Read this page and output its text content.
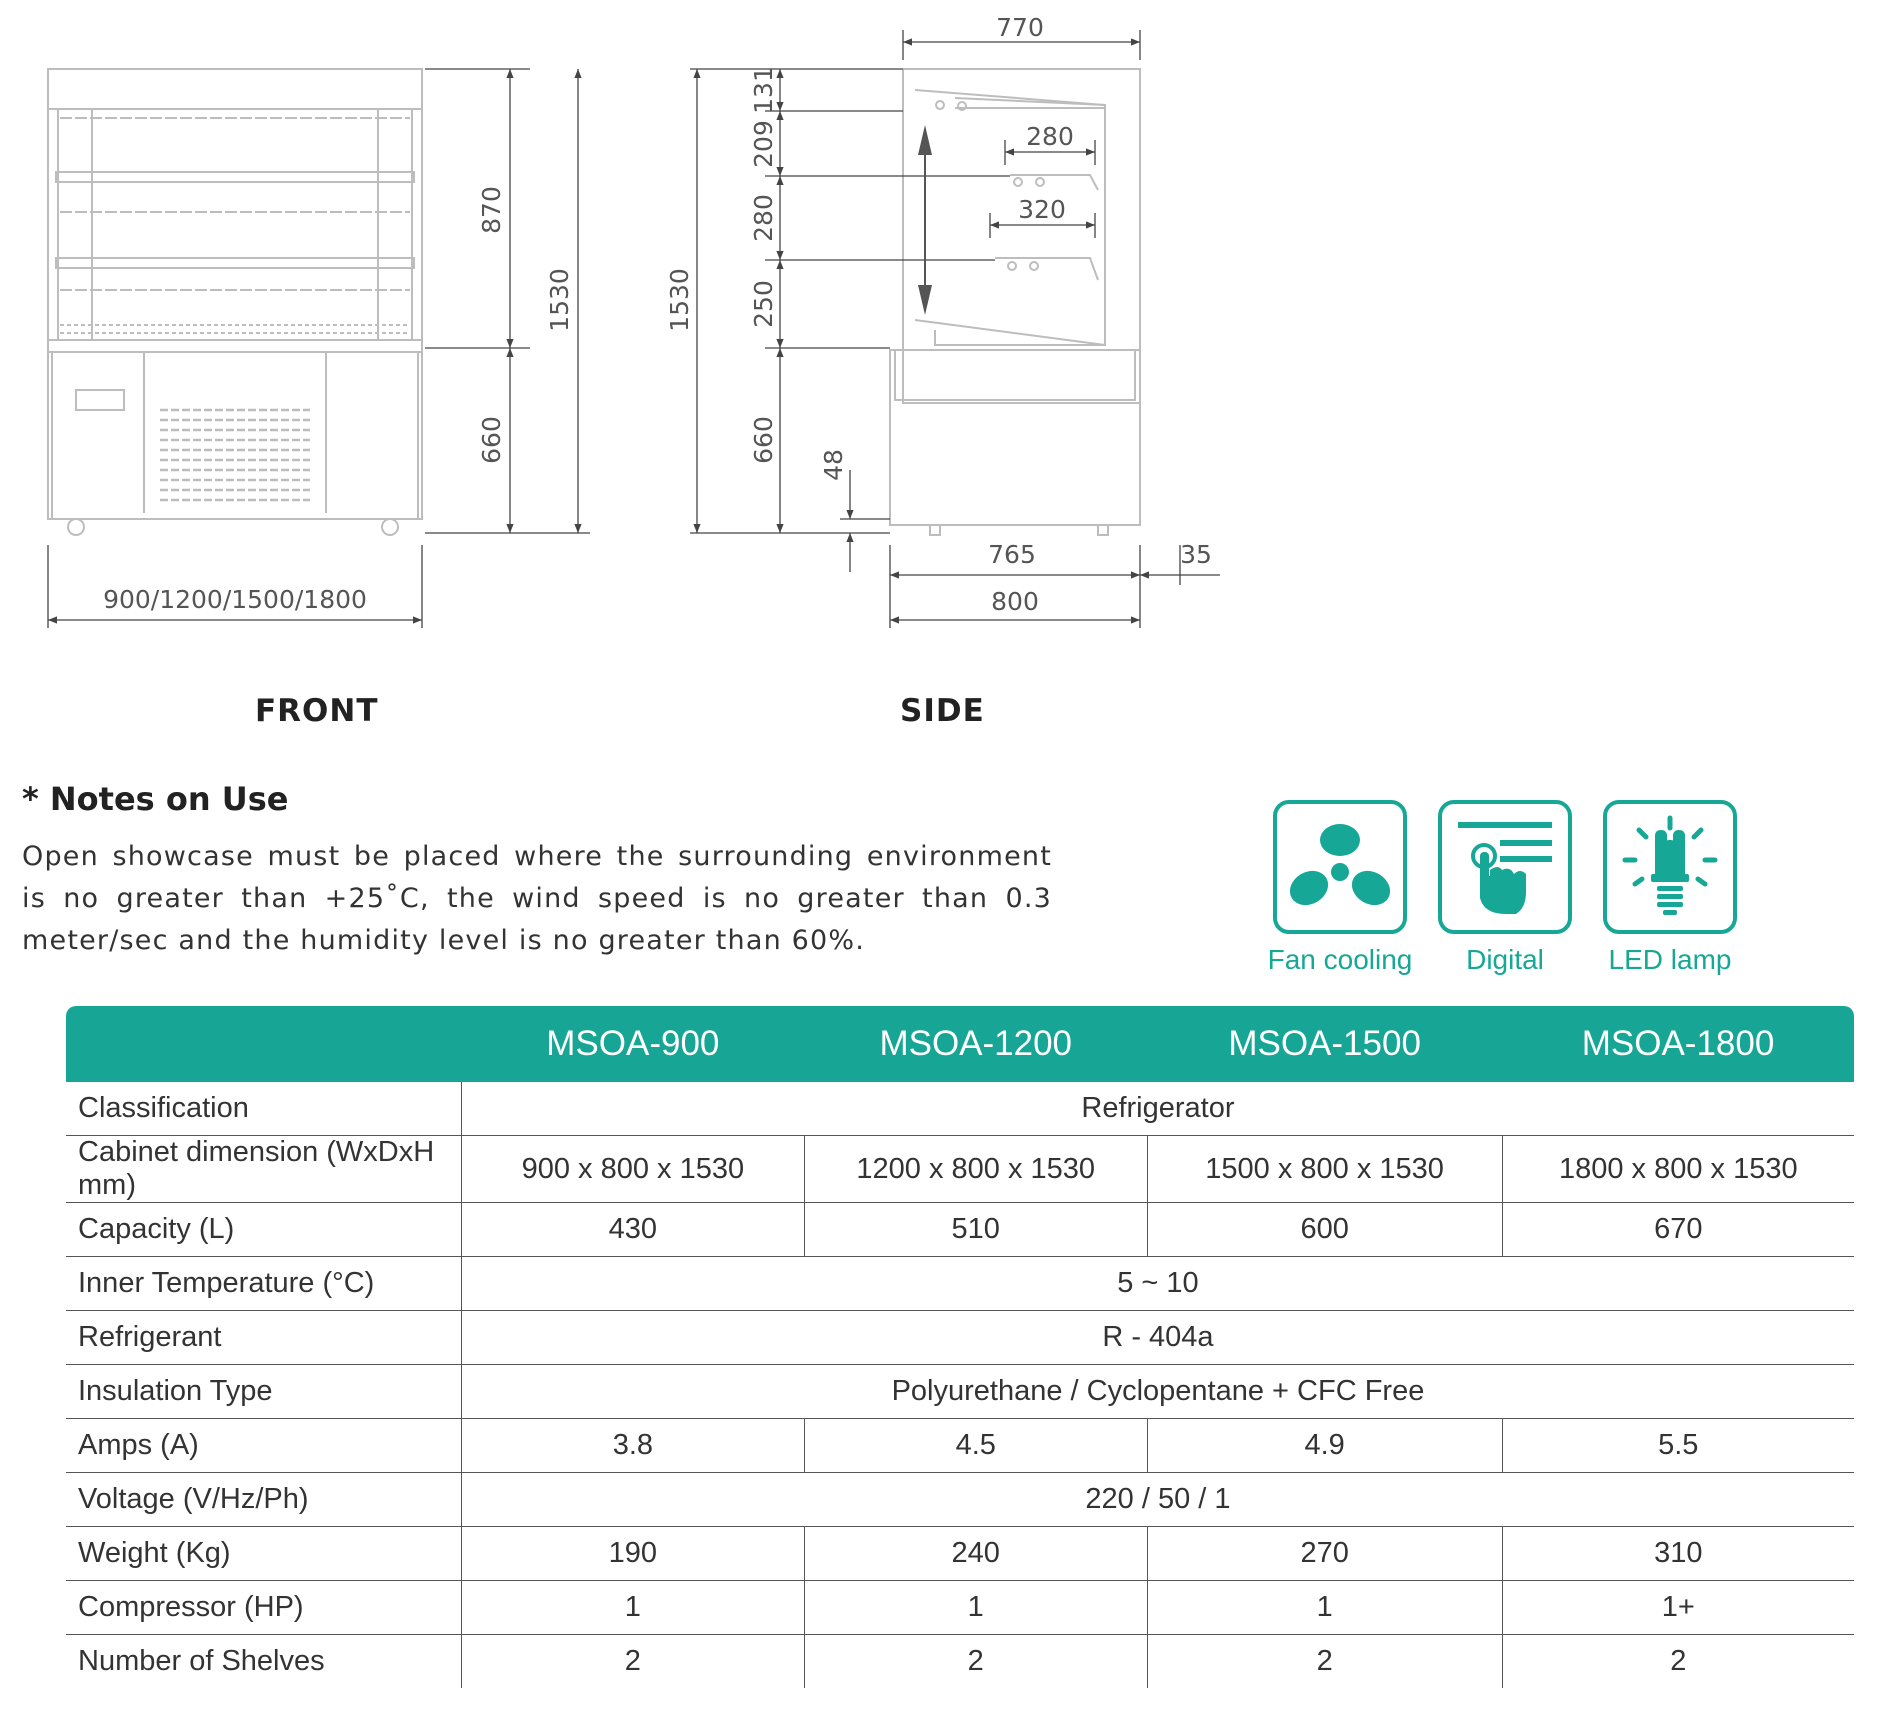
870
660
1530
900/1200/1500/1800
770
131
209
280
250
660
1530
280
320
48
765	35
800
FRONT	SIDE
* Notes on Use
Open showcase must be placed where the surrounding environment is no greater than +25˚C, the wind speed is no greater than 0.3 meter/sec and the humidity level is no greater than 60%.
Fan cooling	Digital	LED lamp
	MSOA-900	MSOA-1200	MSOA-1500	MSOA-1800
Classification	Refrigerator			
Cabinet dimension (WxDxH mm)	900 x 800 x 1530	1200 x 800 x 1530	1500 x 800 x 1530	1800 x 800 x 1530
Capacity (L)	430	510	600	670
Inner Temperature (°C)	5 ~ 10			
Refrigerant	R - 404a			
Insulation Type	Polyurethane / Cyclopentane + CFC Free			
Amps (A)	3.8	4.5	4.9	5.5
Voltage (V/Hz/Ph)	220 / 50 / 1			
Weight (Kg)	190	240	270	310
Compressor (HP)	1	1	1	1+
Number of Shelves	2	2	2	2
